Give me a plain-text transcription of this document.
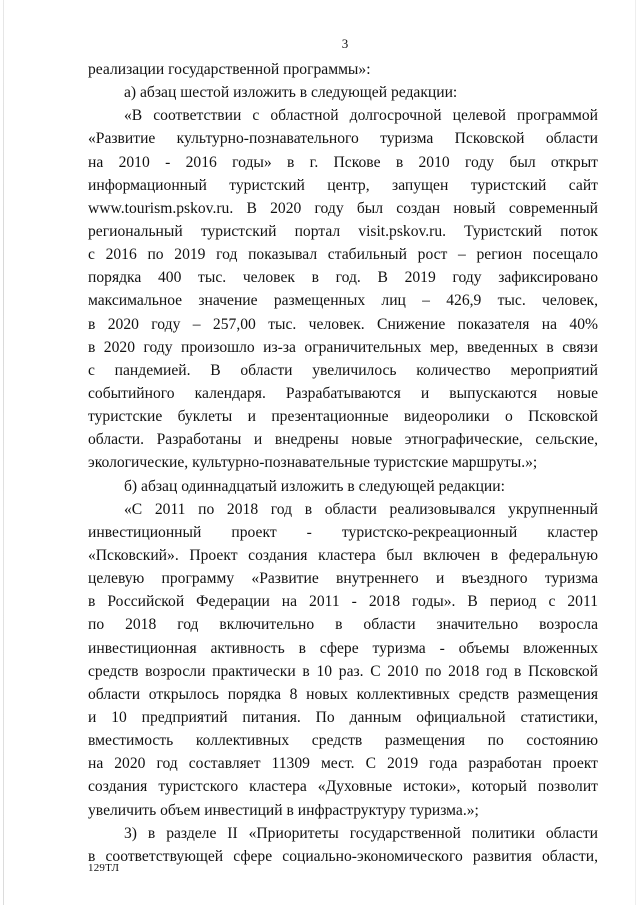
3
реализации государственной программы»:
а) абзац шестой изложить в следующей редакции:
«В соответствии с областной долгосрочной целевой программой
«Развитие культурно-познавательного туризма Псковской области
на 2010 - 2016 годы» в г. Пскове в 2010 году был открыт
информационный туристский центр, запущен туристский сайт
www.tourism.pskov.ru. В 2020 году был создан новый современный
региональный туристский портал visit.pskov.ru. Туристский поток
с 2016 по 2019 год показывал стабильный рост – регион посещало
порядка 400 тыс. человек в год. В 2019 году зафиксировано
максимальное значение размещенных лиц – 426,9 тыс. человек,
в 2020 году – 257,00 тыс. человек. Снижение показателя на 40%
в 2020 году произошло из-за ограничительных мер, введенных в связи
с пандемией. В области увеличилось количество мероприятий
событийного календаря. Разрабатываются и выпускаются новые
туристские буклеты и презентационные видеоролики о Псковской
области. Разработаны и внедрены новые этнографические, сельские,
экологические, культурно-познавательные туристские маршруты.»;
б) абзац одиннадцатый изложить в следующей редакции:
«С 2011 по 2018 год в области реализовывался укрупненный
инвестиционный проект - туристско-рекреационный кластер
«Псковский». Проект создания кластера был включен в федеральную
целевую программу «Развитие внутреннего и въездного туризма
в Российской Федерации на 2011 - 2018 годы». В период с 2011
по 2018 год включительно в области значительно возросла
инвестиционная активность в сфере туризма - объемы вложенных
средств возросли практически в 10 раз. С 2010 по 2018 год в Псковской
области открылось порядка 8 новых коллективных средств размещения
и 10 предприятий питания. По данным официальной статистики,
вместимость коллективных средств размещения по состоянию
на 2020 год составляет 11309 мест. С 2019 года разработан проект
создания туристского кластера «Духовные истоки», который позволит
увеличить объем инвестиций в инфраструктуру туризма.»;
3) в разделе II «Приоритеты государственной политики области
в соответствующей сфере социально-экономического развития области,
129ТЛ
